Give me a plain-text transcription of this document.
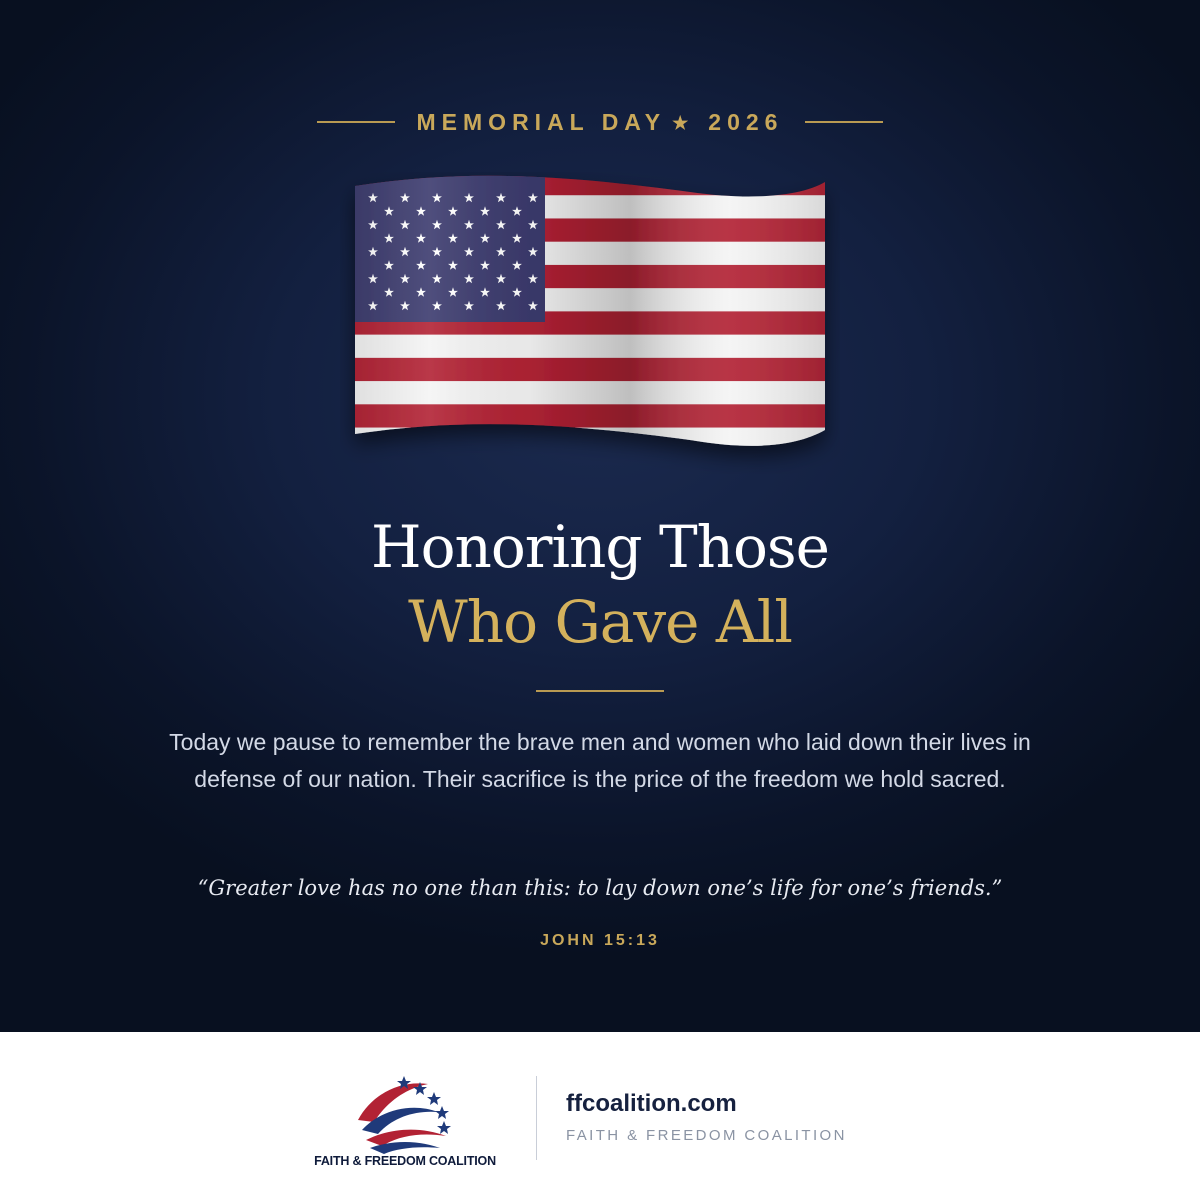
MEMORIAL DAY ★ 2026
Honoring Those
Who Gave All

Today we pause to remember the brave men and women who laid down their lives in defense of our nation. Their sacrifice is the price of the freedom we hold sacred.

“Greater love has no one than this: to lay down one’s life for one’s friends.”

JOHN 15:13

FAITH & FREEDOM COALITION

ffcoalition.com

FAITH & FREEDOM COALITION
